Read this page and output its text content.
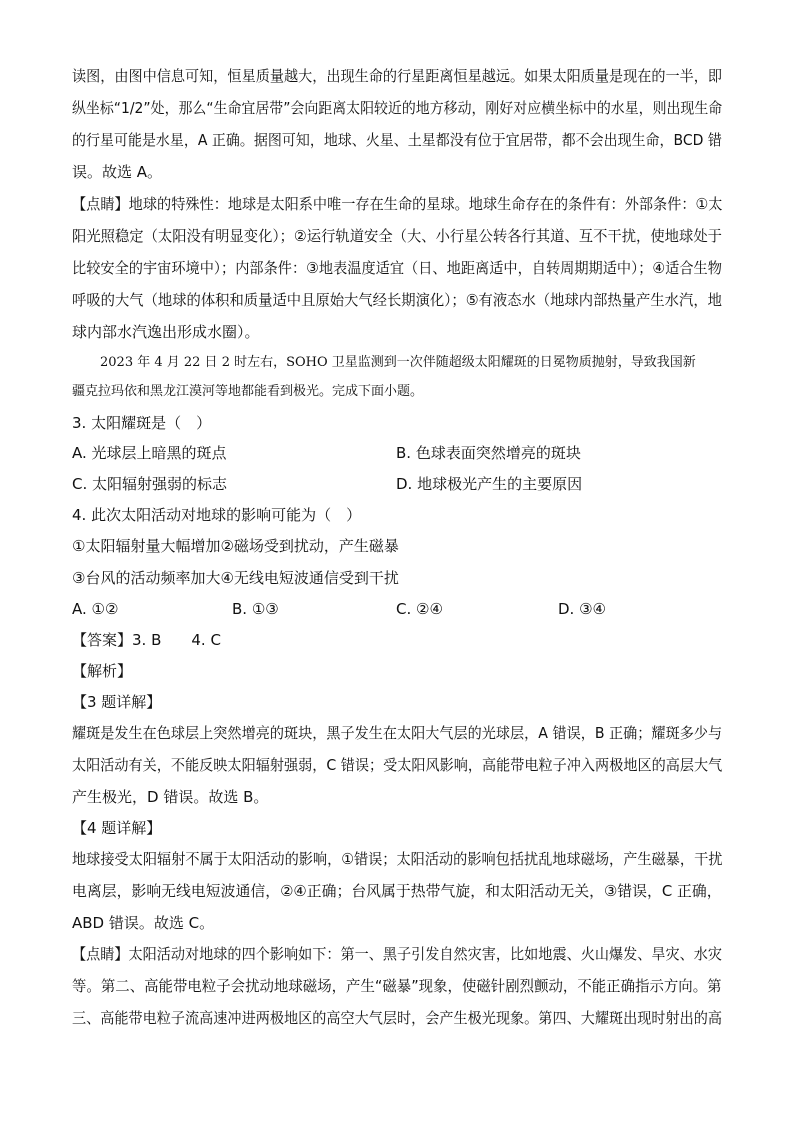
读图，由图中信息可知，恒星质量越大，出现生命的行星距离恒星越远。如果太阳质量是现在的一半，即
纵坐标“1/2”处，那么“生命宜居带”会向距离太阳较近的地方移动，刚好对应横坐标中的水星，则出现生命
的行星可能是水星，A 正确。据图可知，地球、火星、土星都没有位于宜居带，都不会出现生命，BCD 错
误。故选 A。
【点睛】地球的特殊性：地球是太阳系中唯一存在生命的星球。地球生命存在的条件有：外部条件：①太
阳光照稳定（太阳没有明显变化）；②运行轨道安全（大、小行星公转各行其道、互不干扰，使地球处于
比较安全的宇宙环境中）；内部条件：③地表温度适宜（日、地距离适中，自转周期期适中）；④适合生物
呼吸的大气（地球的体积和质量适中且原始大气经长期演化）；⑤有液态水（地球内部热量产生水汽，地
球内部水汽逸出形成水圈）。
2023 年 4 月 22 日 2 时左右，SOHO 卫星监测到一次伴随超级太阳耀斑的日冕物质抛射，导致我国新
疆克拉玛依和黑龙江漠河等地都能看到极光。完成下面小题。
3. 太阳耀斑是（　）
A. 光球层上暗黑的斑点	B. 色球表面突然增亮的斑块
C. 太阳辐射强弱的标志	D. 地球极光产生的主要原因
4. 此次太阳活动对地球的影响可能为（　）
①太阳辐射量大幅增加②磁场受到扰动，产生磁暴
③台风的活动频率加大④无线电短波通信受到干扰
A. ①②	B. ①③	C. ②④	D. ③④
【答案】3. B　　4. C
【解析】
【3 题详解】
耀斑是发生在色球层上突然增亮的斑块，黑子发生在太阳大气层的光球层，A 错误，B 正确；耀斑多少与
太阳活动有关，不能反映太阳辐射强弱，C 错误；受太阳风影响，高能带电粒子冲入两极地区的高层大气
产生极光，D 错误。故选 B。
【4 题详解】
地球接受太阳辐射不属于太阳活动的影响，①错误；太阳活动的影响包括扰乱地球磁场，产生磁暴，干扰
电离层，影响无线电短波通信，②④正确；台风属于热带气旋，和太阳活动无关，③错误，C 正确，
ABD 错误。故选 C。
【点睛】太阳活动对地球的四个影响如下：第一、黑子引发自然灾害，比如地震、火山爆发、旱灾、水灾
等。第二、高能带电粒子会扰动地球磁场，产生“磁暴”现象，使磁针剧烈颤动，不能正确指示方向。第
三、高能带电粒子流高速冲进两极地区的高空大气层时，会产生极光现象。第四、大耀斑出现时射出的高
